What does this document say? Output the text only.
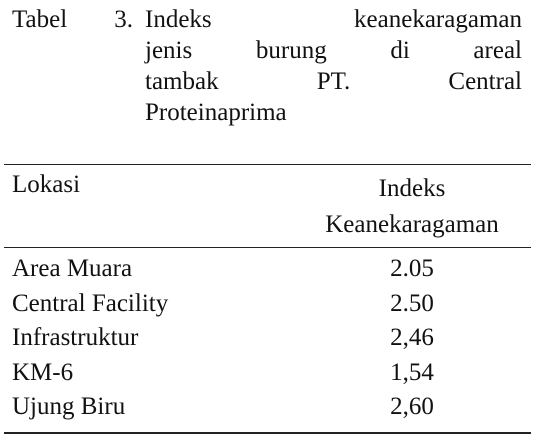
Tabel 3. Indeks keanekaragaman
jenis burung di areal
tambak PT. Central
Proteinaprima
Lokasi	Indeks
Keanekaragaman
Area Muara	2.05
Central Facility	2.50
Infrastruktur	2,46
KM-6	1,54
Ujung Biru	2,60
